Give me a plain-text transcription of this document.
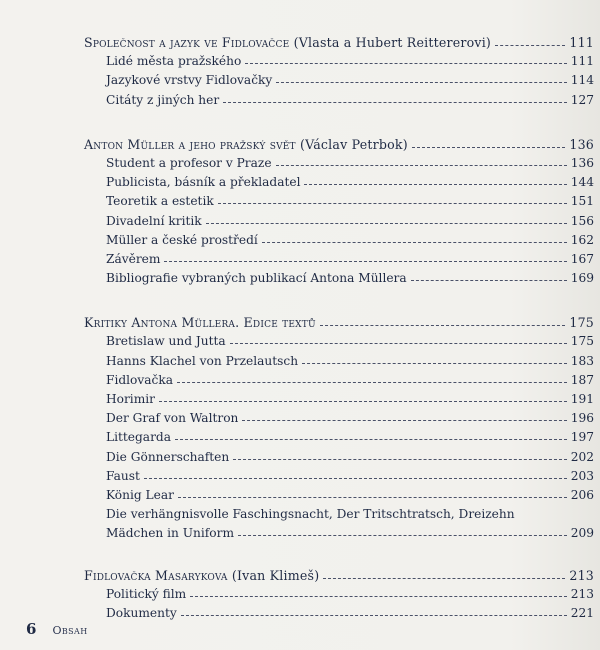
Společnost a jazyk ve Fidlovačce (Vlasta a Hubert Reittererovi)	111
Lidé města pražského	111
Jazykové vrstvy Fidlovačky	114
Citáty z jiných her	127
Anton Müller a jeho pražský svět (Václav Petrbok)	136
Student a profesor v Praze	136
Publicista, básník a překladatel	144
Teoretik a estetik	151
Divadelní kritik	156
Müller a české prostředí	162
Závěrem	167
Bibliografie vybraných publikací Antona Müllera	169
Kritiky Antona Müllera. Edice textů	175
Bretislaw und Jutta	175
Hanns Klachel von Przelautsch	183
Fidlovačka	187
Horimir	191
Der Graf von Waltron	196
Littegarda	197
Die Gönnerschaften	202
Faust	203
König Lear	206
Die verhängnisvolle Faschingsnacht, Der Tritschtratsch, Dreizehn
Mädchen in Uniform	209
Fidlovačka Masarykova (Ivan Klimeš)	213
Politický film	213
Dokumenty	221
6 Obsah
